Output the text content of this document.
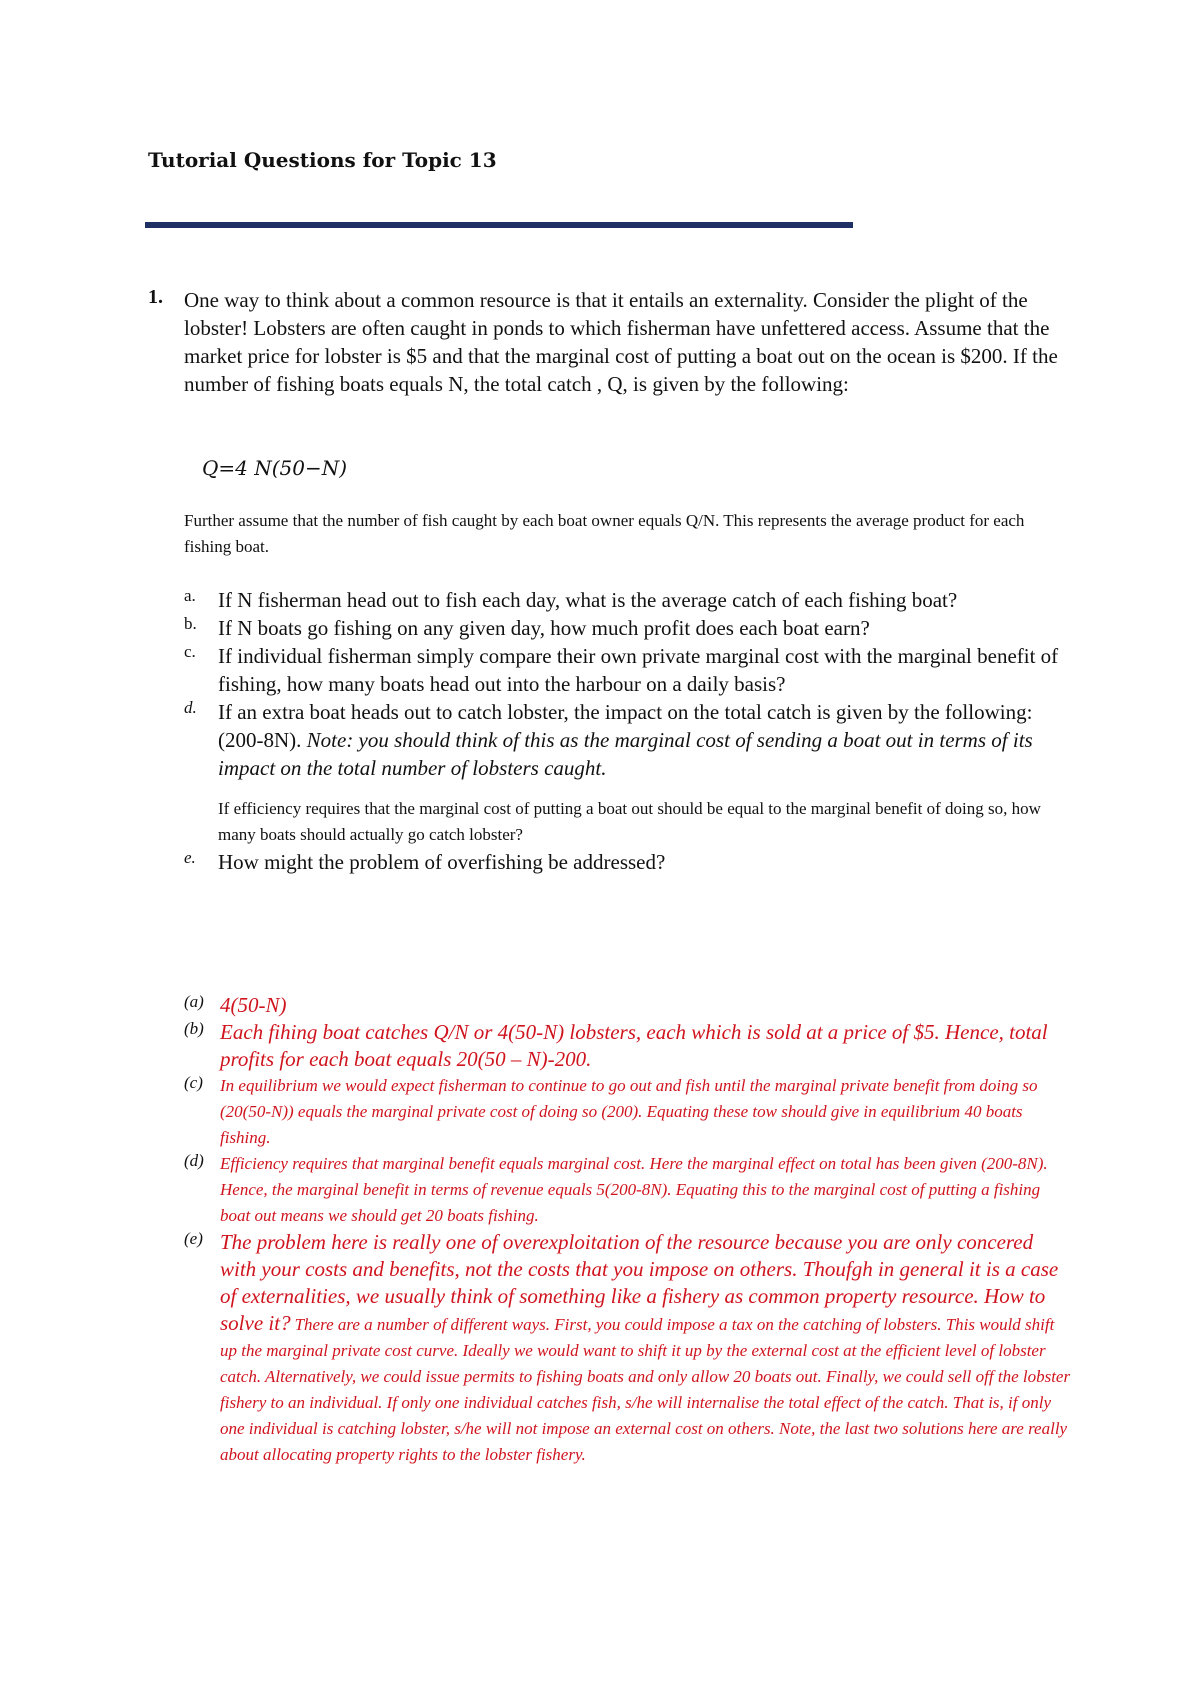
Tutorial Questions for Topic 13
1. One way to think about a common resource is that it entails an externality. Consider the plight of the lobster! Lobsters are often caught in ponds to which fisherman have unfettered access. Assume that the market price for lobster is $5 and that the marginal cost of putting a boat out on the ocean is $200. If the number of fishing boats equals N, the total catch , Q, is given by the following:
Q=4 N(50−N)
Further assume that the number of fish caught by each boat owner equals Q/N. This represents the average product for each fishing boat.
a. If N fisherman head out to fish each day, what is the average catch of each fishing boat?
b. If N boats go fishing on any given day, how much profit does each boat earn?
c. If individual fisherman simply compare their own private marginal cost with the marginal benefit of fishing, how many boats head out into the harbour on a daily basis?
d. If an extra boat heads out to catch lobster, the impact on the total catch is given by the following: (200-8N). Note: you should think of this as the marginal cost of sending a boat out in terms of its impact on the total number of lobsters caught.
If efficiency requires that the marginal cost of putting a boat out should be equal to the marginal benefit of doing so, how many boats should actually go catch lobster?
e. How might the problem of overfishing be addressed?
(a) 4(50-N)
(b) Each fihing boat catches Q/N or 4(50-N) lobsters, each which is sold at a price of $5. Hence, total profits for each boat equals 20(50 – N)-200.
(c) In equilibrium we would expect fisherman to continue to go out and fish until the marginal private benefit from doing so (20(50-N)) equals the marginal private cost of doing so (200). Equating these tow should give in equilibrium 40 boats fishing.
(d) Efficiency requires that marginal benefit equals marginal cost. Here the marginal effect on total has been given (200-8N). Hence, the marginal benefit in terms of revenue equals 5(200-8N). Equating this to the marginal cost of putting a fishing boat out means we should get 20 boats fishing.
(e) The problem here is really one of overexploitation of the resource because you are only concered with your costs and benefits, not the costs that you impose on others. Thoufgh in general it is a case of externalities, we usually think of something like a fishery as common property resource. How to solve it? There are a number of different ways. First, you could impose a tax on the catching of lobsters. This would shift up the marginal private cost curve. Ideally we would want to shift it up by the external cost at the efficient level of lobster catch. Alternatively, we could issue permits to fishing boats and only allow 20 boats out. Finally, we could sell off the lobster fishery to an individual. If only one individual catches fish, s/he will internalise the total effect of the catch. That is, if only one individual is catching lobster, s/he will not impose an external cost on others. Note, the last two solutions here are really about allocating property rights to the lobster fishery.
